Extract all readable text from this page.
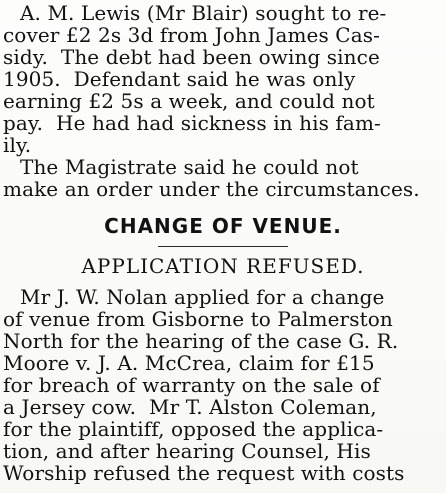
A. M. Lewis (Mr Blair) sought to re-
cover £2 2s 3d from John James Cas-
sidy.  The debt had been owing since
1905.  Defendant said he was only
earning £2 5s a week, and could not
pay.  He had had sickness in his fam-
ily.
The Magistrate said he could not
make an order under the circumstances.
CHANGE OF VENUE.
APPLICATION REFUSED.
Mr J. W. Nolan applied for a change
of venue from Gisborne to Palmerston
North for the hearing of the case G. R.
Moore v. J. A. McCrea, claim for £15
for breach of warranty on the sale of
a Jersey cow.  Mr T. Alston Coleman,
for the plaintiff, opposed the applica-
tion, and after hearing Counsel, His
Worship refused the request with costs
